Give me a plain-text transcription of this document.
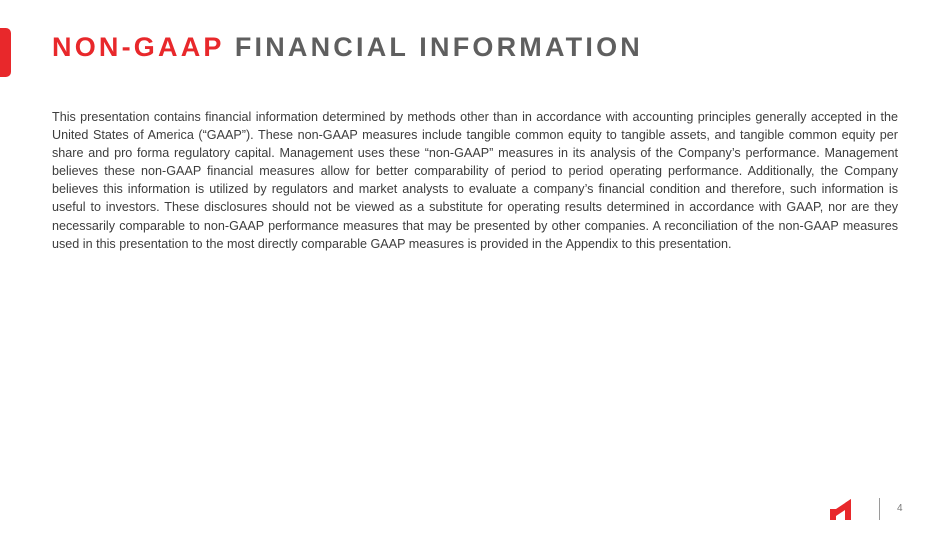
NON-GAAP FINANCIAL INFORMATION

This presentation contains financial information determined by methods other than in accordance with accounting principles generally accepted in the United States of America (“GAAP”). These non-GAAP measures include tangible common equity to tangible assets, and tangible common equity per share and pro forma regulatory capital. Management uses these “non-GAAP” measures in its analysis of the Company’s performance. Management believes these non-GAAP financial measures allow for better comparability of period to period operating performance. Additionally, the Company believes this information is utilized by regulators and market analysts to evaluate a company’s financial condition and therefore, such information is useful to investors. These disclosures should not be viewed as a substitute for operating results determined in accordance with GAAP, nor are they necessarily comparable to non-GAAP performance measures that may be presented by other companies. A reconciliation of the non-GAAP measures used in this presentation to the most directly comparable GAAP measures is provided in the Appendix to this presentation.

4
